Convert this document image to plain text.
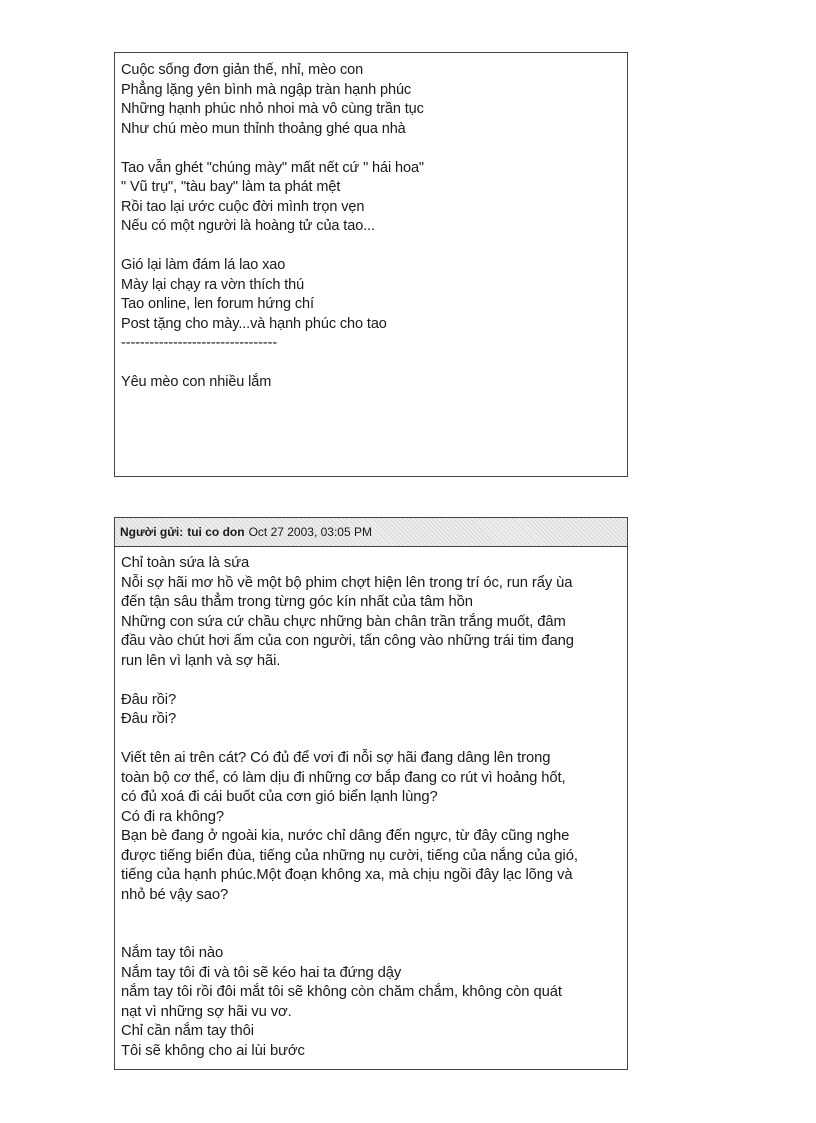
Cuộc sống đơn giản thế, nhỉ, mèo con
Phẳng lặng yên bình mà ngập tràn hạnh phúc
Những hạnh phúc nhỏ nhoi mà vô cùng trần tục
Như chú mèo mun thỉnh thoảng ghé qua nhà

Tao vẫn ghét "chúng mày" mất nết cứ " hái hoa"
" Vũ trụ", "tàu bay" làm ta phát mệt
Rồi tao lại ước cuộc đời mình trọn vẹn
Nếu có một người là hoàng tử của tao...

Gió lại làm đám lá lao xao
Mày lại chạy ra vờn thích thú
Tao online, len forum hứng chí
Post tặng cho mày...và hạnh phúc cho tao
---------------------------------

Yêu mèo con nhiều lắm
Người gửi: tui co don Oct 27 2003, 03:05 PM
Chỉ toàn sứa là sứa
Nỗi sợ hãi mơ hồ về một bộ phim chợt hiện lên trong trí óc, run rẩy ùa
đến tận sâu thẳm trong từng góc kín nhất của tâm hồn
Những con sứa cứ chầu chực những bàn chân trần trắng muốt, đâm
đầu vào chút hơi ấm của con người, tấn công vào những trái tim đang
run lên vì lạnh và sợ hãi.

Đâu rồi?
Đâu rồi?

Viết tên ai trên cát? Có đủ để vơi đi nỗi sợ hãi đang dâng lên trong
toàn bộ cơ thể, có làm dịu đi những cơ bắp đang co rút vì hoảng hốt,
có đủ xoá đi cái buốt của cơn gió biển lạnh lùng?
Có đi ra không?
Bạn bè đang ở ngoài kia, nước chỉ dâng đến ngực, từ đây cũng nghe
được tiếng biển đùa, tiếng của những nụ cười, tiếng của nắng của gió,
tiếng của hạnh phúc.Một đoạn không xa, mà chịu ngồi đây lạc lõng và
nhỏ bé vậy sao?

Nắm tay tôi nào
Nắm tay tôi đi và tôi sẽ kéo hai ta đứng dậy
nắm tay tôi rồi đôi mắt tôi sẽ không còn chăm chắm, không còn quát
nạt vì những sợ hãi vu vơ.
Chỉ cần nắm tay thôi
Tôi sẽ không cho ai lùi bước
